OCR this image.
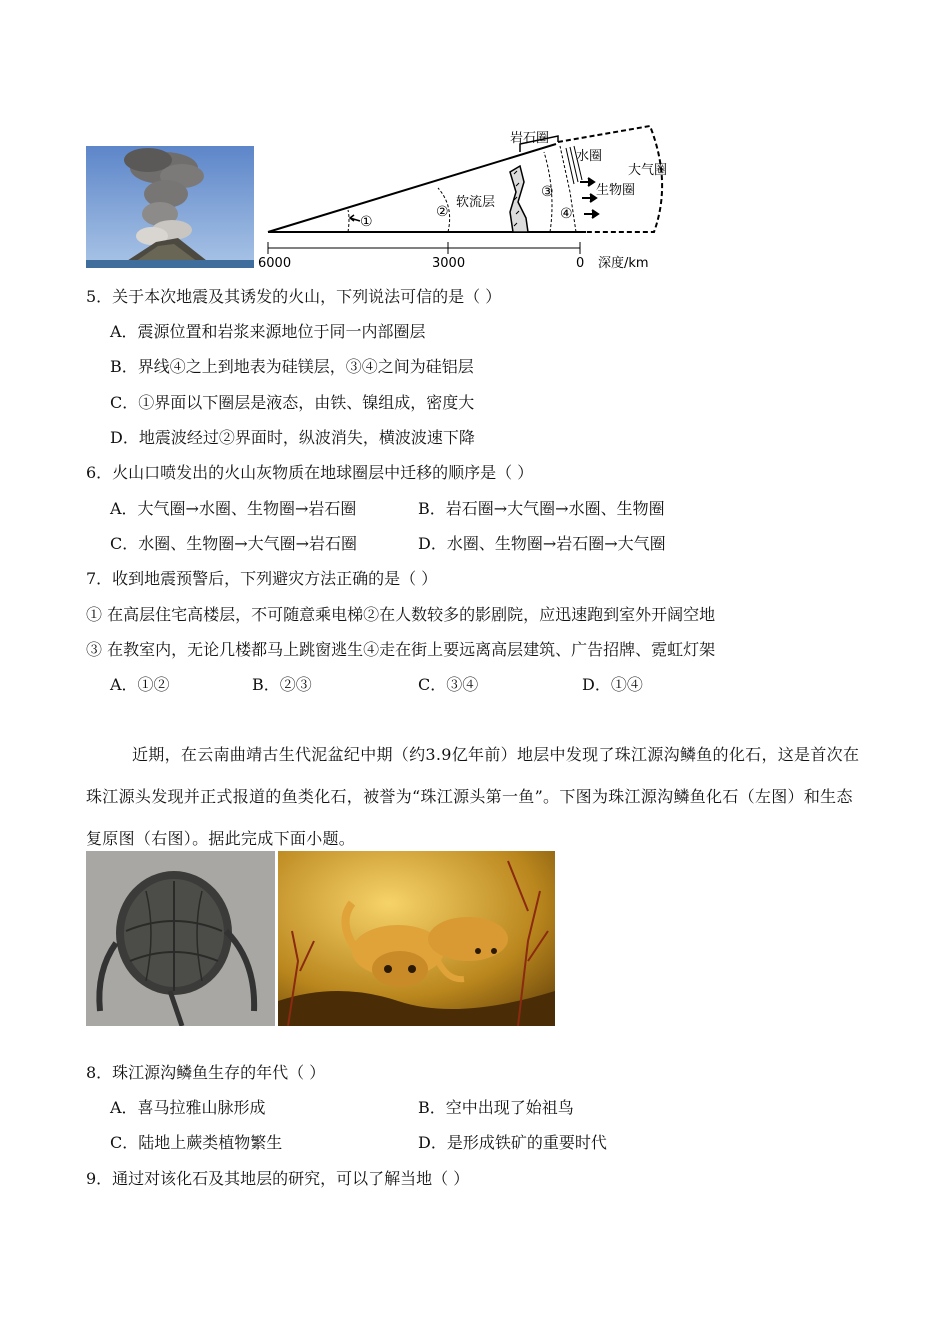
①
②
③
④
软流层
岩石圈
水圈
生物圈
大气圈
6000	3000	0 深度/km
5．关于本次地震及其诱发的火山，下列说法可信的是（ ）
A．震源位置和岩浆来源地位于同一内部圈层
B．界线④之上到地表为硅镁层，③④之间为硅铝层
C．①界面以下圈层是液态，由铁、镍组成，密度大
D．地震波经过②界面时，纵波消失，横波波速下降
6．火山口喷发出的火山灰物质在地球圈层中迁移的顺序是（ ）
A．大气圈→水圈、生物圈→岩石圈	B．岩石圈→大气圈→水圈、生物圈
C．水圈、生物圈→大气圈→岩石圈	D．水圈、生物圈→岩石圈→大气圈
7．收到地震预警后，下列避灾方法正确的是（ ）
① 在高层住宅高楼层，不可随意乘电梯②在人数较多的影剧院，应迅速跑到室外开阔空地
③ 在教室内，无论几楼都马上跳窗逃生④走在街上要远离高层建筑、广告招牌、霓虹灯架
A．①②	B．②③	C．③④	D．①④
近期，在云南曲靖古生代泥盆纪中期（约3.9亿年前）地层中发现了珠江源沟鳞鱼的化石，这是首次在珠江源头发现并正式报道的鱼类化石，被誉为“珠江源头第一鱼”。下图为珠江源沟鳞鱼化石（左图）和生态复原图（右图）。据此完成下面小题。
8．珠江源沟鳞鱼生存的年代（ ）
A．喜马拉雅山脉形成	B．空中出现了始祖鸟
C．陆地上蕨类植物繁生	D．是形成铁矿的重要时代
9．通过对该化石及其地层的研究，可以了解当地（ ）
